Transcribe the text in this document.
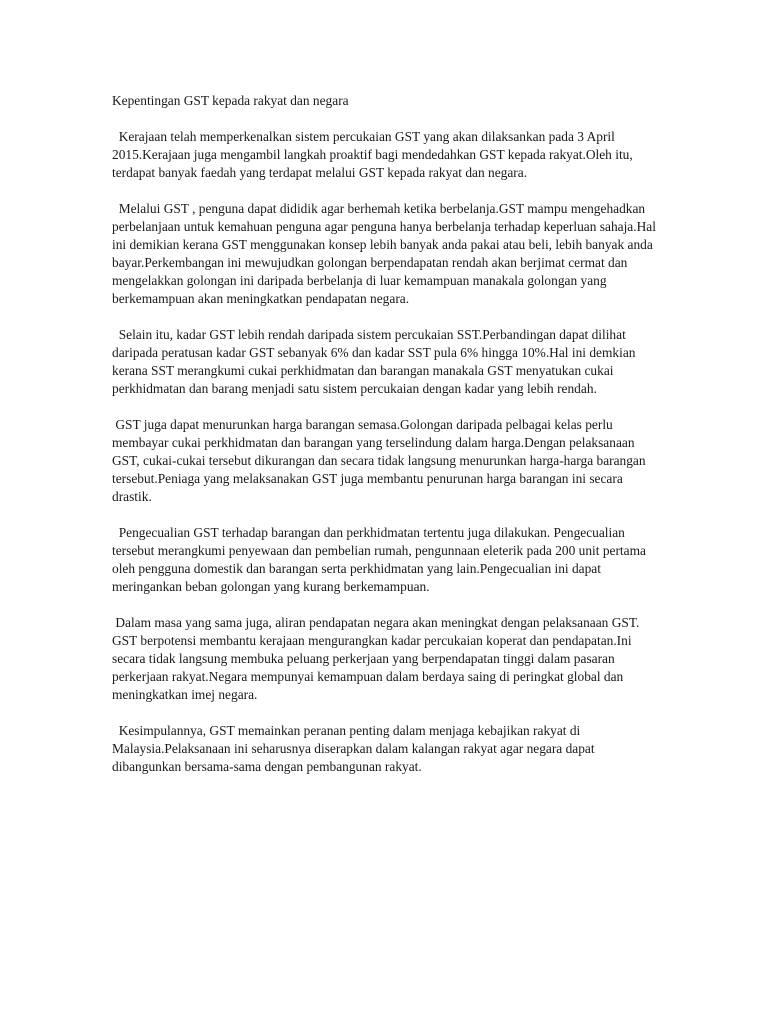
Kepentingan GST kepada rakyat dan negara

Kerajaan telah memperkenalkan sistem percukaian GST yang akan dilaksankan pada 3 April 2015.Kerajaan juga mengambil langkah proaktif bagi mendedahkan GST kepada rakyat.Oleh itu, terdapat banyak faedah yang terdapat melalui GST kepada rakyat dan negara.

Melalui GST , penguna dapat dididik agar berhemah ketika berbelanja.GST mampu mengehadkan perbelanjaan untuk kemahuan penguna agar penguna hanya berbelanja terhadap keperluan sahaja.Hal ini demikian kerana GST menggunakan konsep lebih banyak anda pakai atau beli, lebih banyak anda bayar.Perkembangan ini mewujudkan golongan berpendapatan rendah akan berjimat cermat dan mengelakkan golongan ini daripada berbelanja di luar kemampuan manakala golongan yang berkemampuan akan meningkatkan pendapatan negara.

Selain itu, kadar GST lebih rendah daripada sistem percukaian SST.Perbandingan dapat dilihat daripada peratusan kadar GST sebanyak 6% dan kadar SST pula 6% hingga 10%.Hal ini demkian kerana SST merangkumi cukai perkhidmatan dan barangan manakala GST menyatukan cukai perkhidmatan dan barang menjadi satu sistem percukaian dengan kadar yang lebih rendah.

GST juga dapat menurunkan harga barangan semasa.Golongan daripada pelbagai kelas perlu membayar cukai perkhidmatan dan barangan yang terselindung dalam harga.Dengan pelaksanaan GST, cukai-cukai tersebut dikurangan dan secara tidak langsung menurunkan harga-harga barangan tersebut.Peniaga yang melaksanakan GST juga membantu penurunan harga barangan ini secara drastik.

Pengecualian GST terhadap barangan dan perkhidmatan tertentu juga dilakukan. Pengecualian tersebut merangkumi penyewaan dan pembelian rumah, pengunnaan eleterik pada 200 unit pertama oleh pengguna domestik dan barangan serta perkhidmatan yang lain.Pengecualian ini dapat meringankan beban golongan yang kurang berkemampuan.

Dalam masa yang sama juga, aliran pendapatan negara akan meningkat dengan pelaksanaan GST. GST berpotensi membantu kerajaan mengurangkan kadar percukaian koperat dan pendapatan.Ini secara tidak langsung membuka peluang perkerjaan yang berpendapatan tinggi dalam pasaran perkerjaan rakyat.Negara mempunyai kemampuan dalam berdaya saing di peringkat global dan meningkatkan imej negara.

Kesimpulannya, GST memainkan peranan penting dalam menjaga kebajikan rakyat di Malaysia.Pelaksanaan ini seharusnya diserapkan dalam kalangan rakyat agar negara dapat dibangunkan bersama-sama dengan pembangunan rakyat.
